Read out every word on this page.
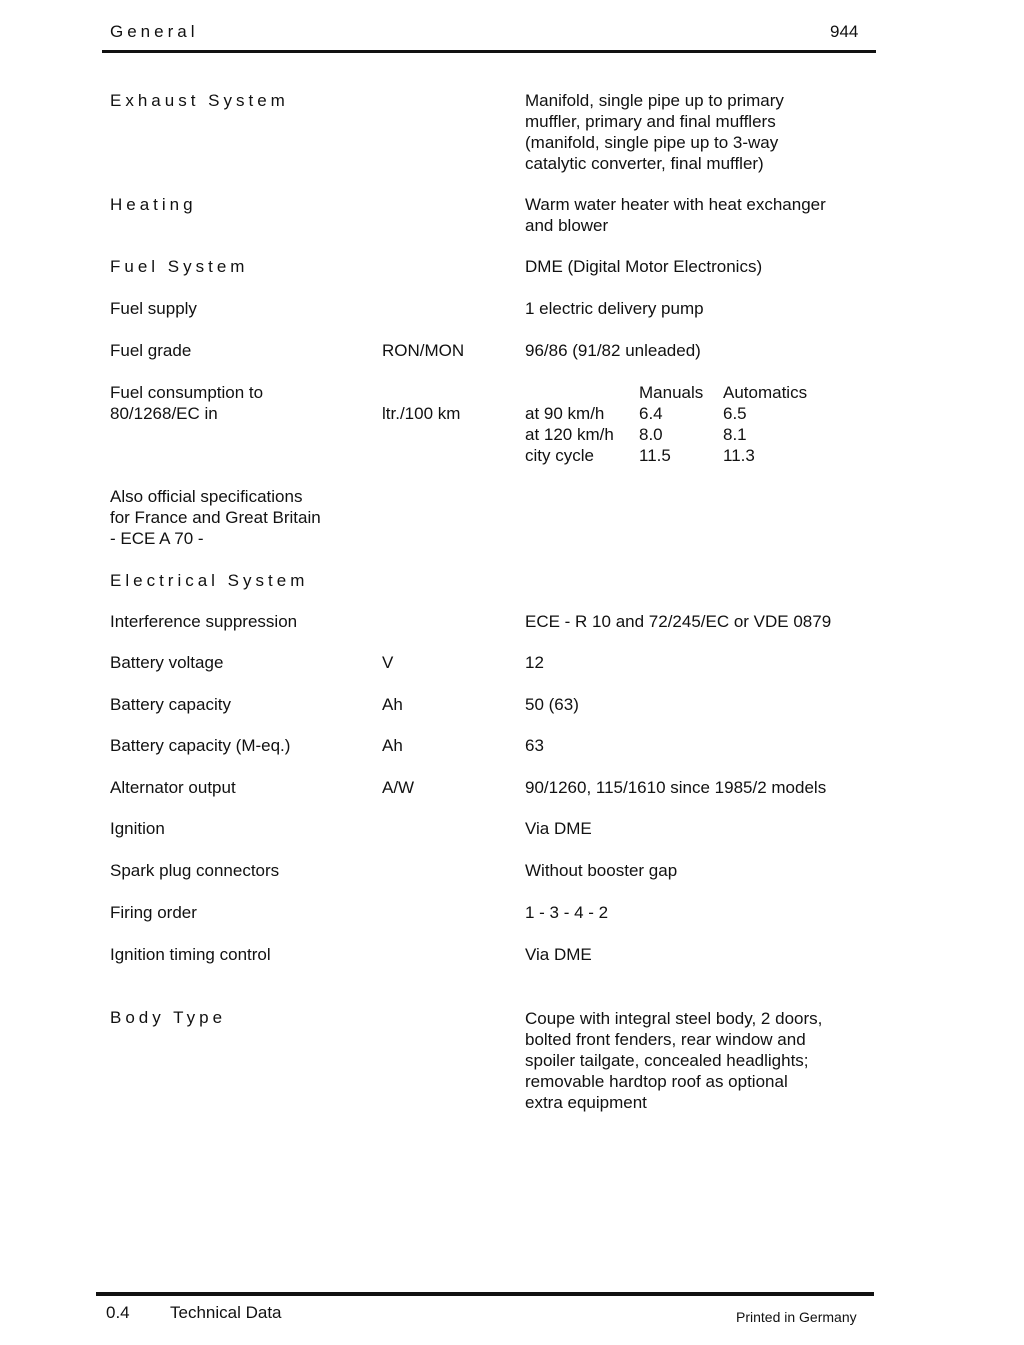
General	944
Exhaust System	Manifold, single pipe up to primary
muffler, primary and final mufflers
(manifold, single pipe up to 3-way
catalytic converter, final muffler)
Heating	Warm water heater with heat exchanger
and blower
Fuel System	DME (Digital Motor Electronics)
Fuel supply	1 electric delivery pump
Fuel grade	RON/MON	96/86 (91/82 unleaded)
Fuel consumption to
80/1268/EC in	ltr./100 km
	Manuals	Automatics
at 90 km/h	6.4	6.5
at 120 km/h	8.0	8.1
city cycle	11.5	11.3
Also official specifications
for France and Great Britain
- ECE A 70 -
Electrical System
Interference suppression	ECE - R 10 and 72/245/EC or VDE 0879
Battery voltage	V	12
Battery capacity	Ah	50 (63)
Battery capacity (M-eq.)	Ah	63
Alternator output	A/W	90/1260, 115/1610 since 1985/2 models
Ignition	Via DME
Spark plug connectors	Without booster gap
Firing order	1 - 3 - 4 - 2
Ignition timing control	Via DME
Body Type	Coupe with integral steel body, 2 doors,
bolted front fenders, rear window and
spoiler tailgate, concealed headlights;
removable hardtop roof as optional
extra equipment
0.4 Technical Data	Printed in Germany
